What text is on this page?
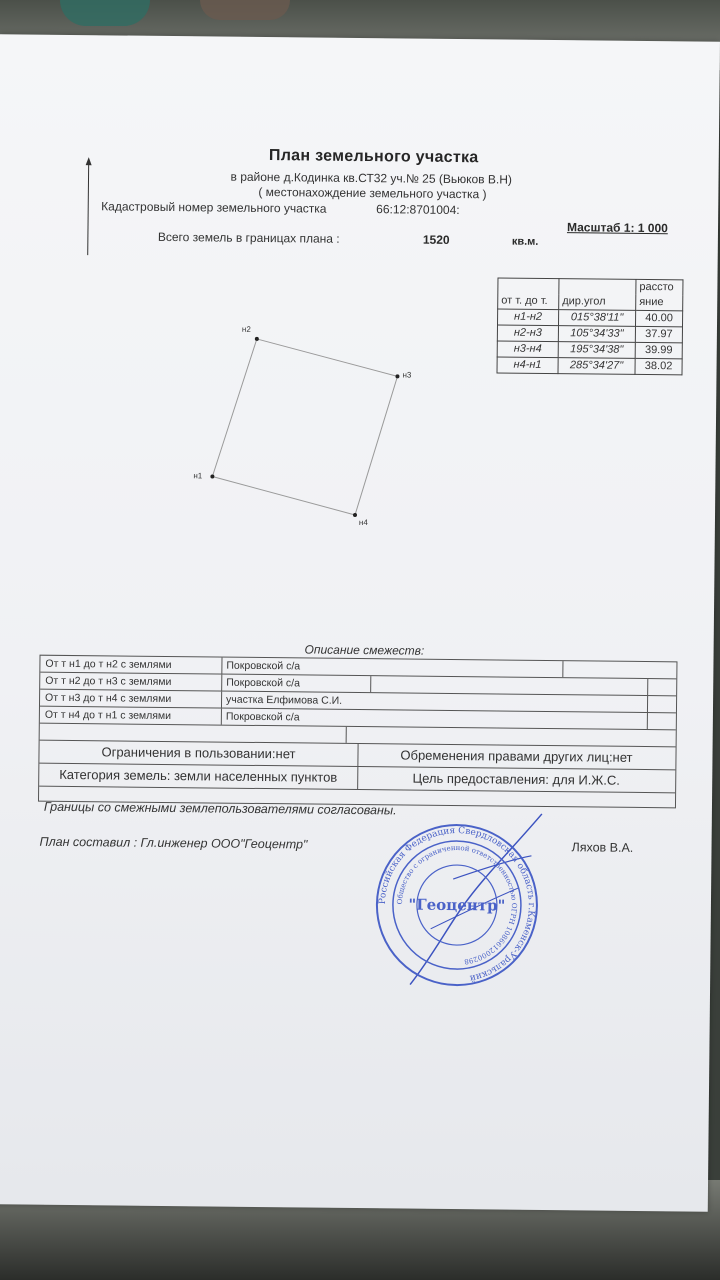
План земельного участка
в районе д.Кодинка кв.СТ32 уч.№ 25 (Вьюков В.Н)
( местонахождение земельного участка )
Кадастровый номер земельного участка	66:12:8701004:
Масштаб 1: 1 000
Всего земель в границах плана :	1520	кв.м.
от т. до т.	дир.угол	рассто
		яние
н1-н2	015°38'11"	40.00
н2-н3	105°34'33"	37.97
н3-н4	195°34'38"	39.99
н4-н1	285°34'27"	38.02
н2
н3
н4
н1
Описание смежеств:
От т н1 до т н2 с землями	Покровской с/а
От т н2 до т н3 с землями	Покровской с/а
От т н3 до т н4 с землями	участка Елфимова С.И.
От т н4 до т н1 с землями	Покровской с/а
Ограничения в пользовании:нет	Обременения правами других лиц:нет
Категория земель: земли населенных пунктов	Цель предоставления: для И.Ж.С.
Границы со смежными землепользователями согласованы.
План составил : Гл.инженер ООО"Геоцентр"	Ляхов В.А.
Российская Федерация Свердловская область г.Каменск-Уральский
Общество с ограниченной ответственностью ОГРН 1086612000298
"Геоцентр"
